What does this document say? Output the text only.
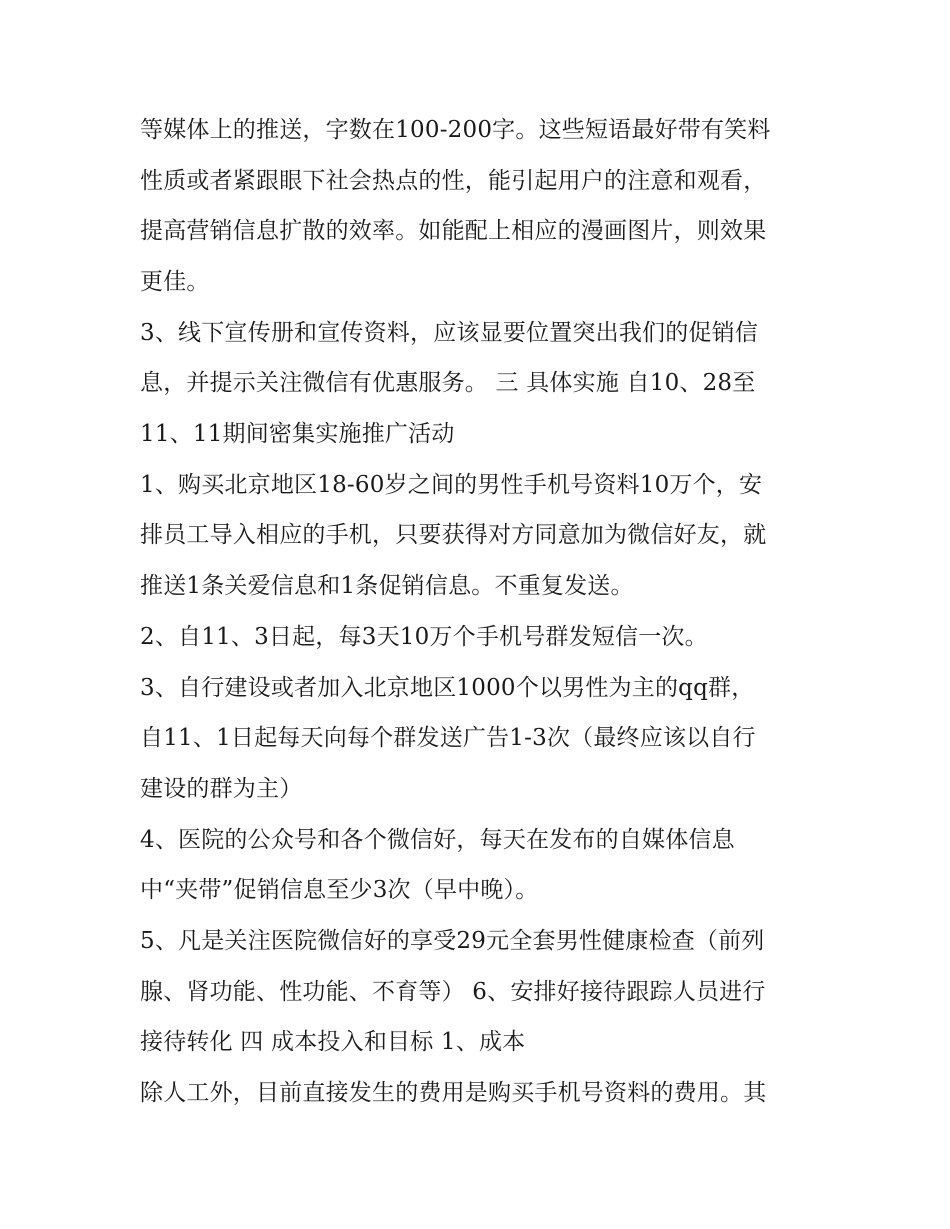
等媒体上的推送，字数在100-200字。这些短语最好带有笑料
性质或者紧跟眼下社会热点的性，能引起用户的注意和观看，
提高营销信息扩散的效率。如能配上相应的漫画图片，则效果
更佳。
3、线下宣传册和宣传资料，应该显要位置突出我们的促销信
息，并提示关注微信有优惠服务。 三 具体实施 自10、28至
11、11期间密集实施推广活动
1、购买北京地区18-60岁之间的男性手机号资料10万个，安
排员工导入相应的手机，只要获得对方同意加为微信好友，就
推送1条关爱信息和1条促销信息。不重复发送。
2、自11、3日起，每3天10万个手机号群发短信一次。
3、自行建设或者加入北京地区1000个以男性为主的qq群，
自11、1日起每天向每个群发送广告1-3次（最终应该以自行
建设的群为主）
4、医院的公众号和各个微信好，每天在发布的自媒体信息
中“夹带”促销信息至少3次（早中晚）。
5、凡是关注医院微信好的享受29元全套男性健康检查（前列
腺、肾功能、性功能、不育等） 6、安排好接待跟踪人员进行
接待转化 四 成本投入和目标 1、成本
除人工外，目前直接发生的费用是购买手机号资料的费用。其
